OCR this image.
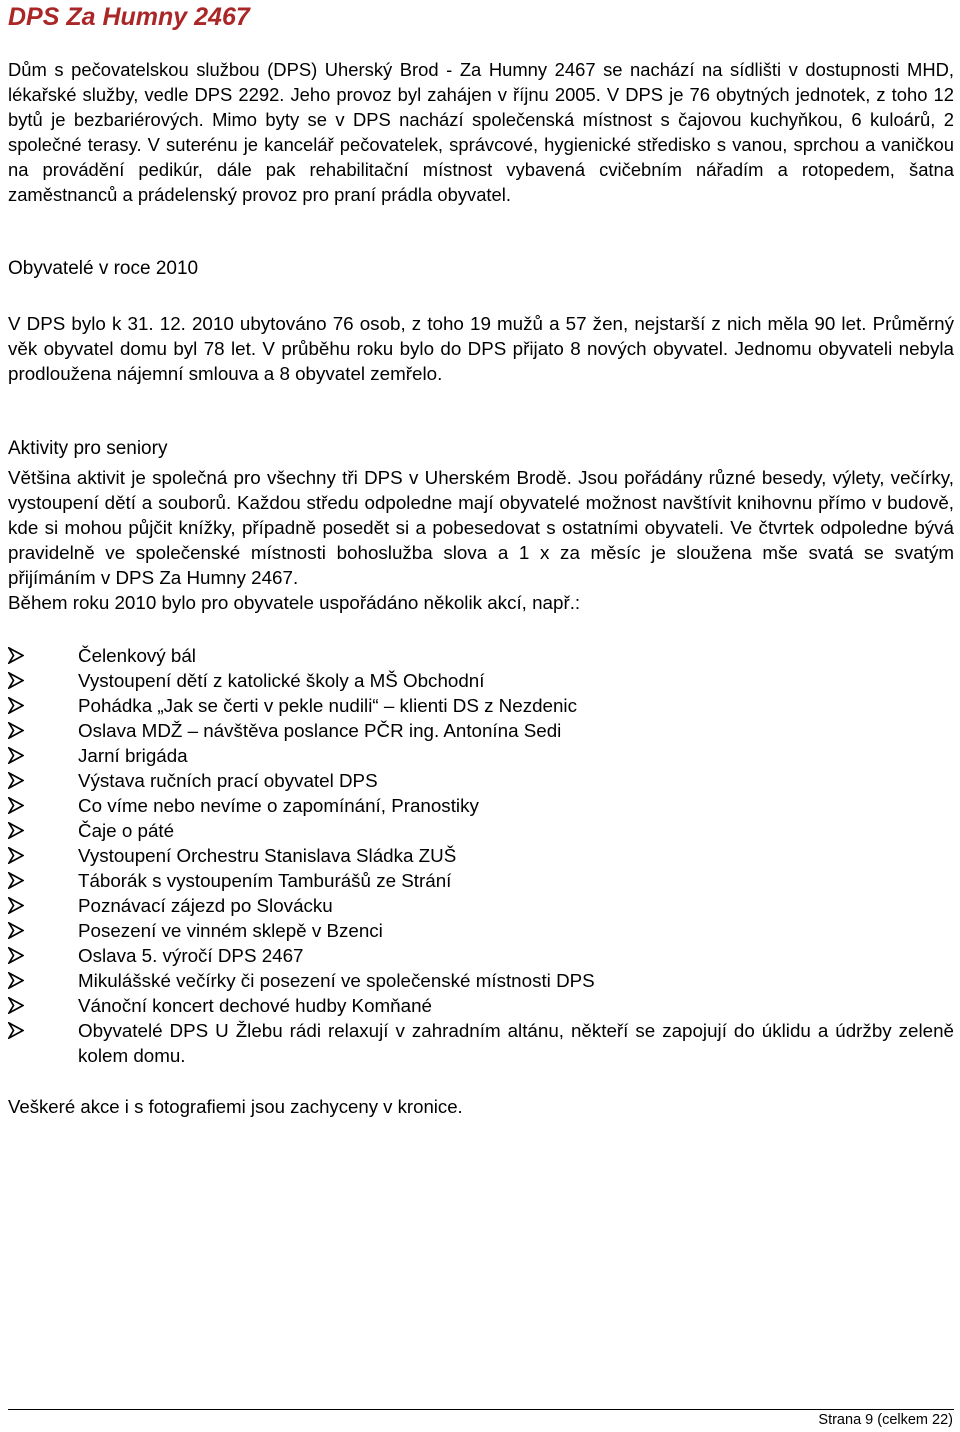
DPS Za Humny 2467

Dům s pečovatelskou službou (DPS) Uherský Brod - Za Humny 2467 se nachází na sídlišti v dostupnosti MHD, lékařské služby, vedle DPS 2292. Jeho provoz byl zahájen v říjnu 2005. V DPS je 76 obytných jednotek, z toho 12 bytů je bezbariérových. Mimo byty se v DPS nachází společenská místnost s čajovou kuchyňkou, 6 kuloárů, 2 společné terasy. V suterénu je kancelář pečovatelek, správcové, hygienické středisko s vanou, sprchou a vaničkou na provádění pedikúr, dále pak rehabilitační místnost vybavená cvičebním nářadím a rotopedem, šatna zaměstnanců a prádelenský provoz pro praní prádla obyvatel.

Obyvatelé v roce 2010

V DPS bylo k 31. 12. 2010 ubytováno 76 osob, z toho 19 mužů a 57 žen, nejstarší z nich měla 90 let. Průměrný věk obyvatel domu byl 78 let. V průběhu roku bylo do DPS přijato 8 nových obyvatel. Jednomu obyvateli nebyla prodloužena nájemní smlouva a 8 obyvatel zemřelo.

Aktivity pro seniory
Většina aktivit je společná pro všechny tři DPS v Uherském Brodě. Jsou pořádány různé besedy, výlety, večírky, vystoupení dětí a souborů. Každou středu odpoledne mají obyvatelé možnost navštívit knihovnu přímo v budově, kde si mohou půjčit knížky, případně posedět si a pobesedovat s ostatními obyvateli. Ve čtvrtek odpoledne bývá pravidelně ve společenské místnosti bohoslužba slova a 1 x za měsíc je sloužena mše svatá se svatým přijímáním v DPS Za Humny 2467.
Během roku 2010 bylo pro obyvatele uspořádáno několik akcí, např.:
Čelenkový bál
Vystoupení dětí z katolické školy a MŠ Obchodní
Pohádka „Jak se čerti v pekle nudili“ – klienti DS z Nezdenic
Oslava MDŽ – návštěva poslance PČR ing. Antonína Sedi
Jarní brigáda
Výstava ručních prací obyvatel DPS
Co víme nebo nevíme o zapomínání, Pranostiky
Čaje o páté
Vystoupení Orchestru Stanislava Sládka ZUŠ
Táborák s vystoupením Tamburášů ze Strání
Poznávací zájezd po Slovácku
Posezení ve vinném sklepě v Bzenci
Oslava 5. výročí DPS 2467
Mikulášské večírky či posezení ve společenské místnosti DPS
Vánoční koncert dechové hudby Komňané
Obyvatelé DPS U Žlebu rádi relaxují v zahradním altánu, někteří se zapojují do úklidu a údržby zeleně kolem domu.

Veškeré akce i s fotografiemi jsou zachyceny v kronice.

Strana 9 (celkem 22)
